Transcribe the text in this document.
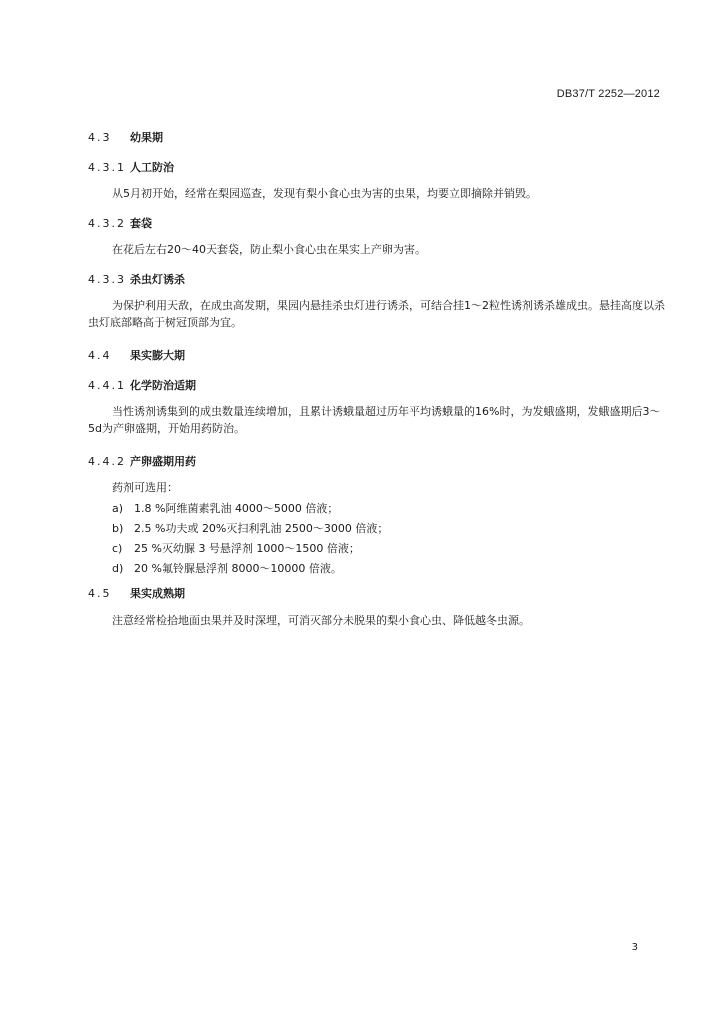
DB37/T 2252—2012
4.3 幼果期
4.3.1 人工防治
从5月初开始，经常在梨园巡查，发现有梨小食心虫为害的虫果，均要立即摘除并销毁。
4.3.2 套袋
在花后左右20～40天套袋，防止梨小食心虫在果实上产卵为害。
4.3.3 杀虫灯诱杀
为保护利用天敌，在成虫高发期，果园内悬挂杀虫灯进行诱杀，可结合挂1～2粒性诱剂诱杀雄成虫。悬挂高度以杀虫灯底部略高于树冠顶部为宜。
4.4 果实膨大期
4.4.1 化学防治适期
当性诱剂诱集到的成虫数量连续增加，且累计诱蛾量超过历年平均诱蛾量的16%时，为发蛾盛期，发蛾盛期后3～5d为产卵盛期，开始用药防治。
4.4.2 产卵盛期用药
药剂可选用：
a) 1.8 %阿维菌素乳油 4000～5000 倍液；
b) 2.5 %功夫或 20%灭扫利乳油 2500～3000 倍液；
c) 25 %灭幼脲 3 号悬浮剂 1000～1500 倍液；
d) 20 %氟铃脲悬浮剂 8000～10000 倍液。
4.5 果实成熟期
注意经常检拾地面虫果并及时深埋，可消灭部分未脱果的梨小食心虫、降低越冬虫源。
3
